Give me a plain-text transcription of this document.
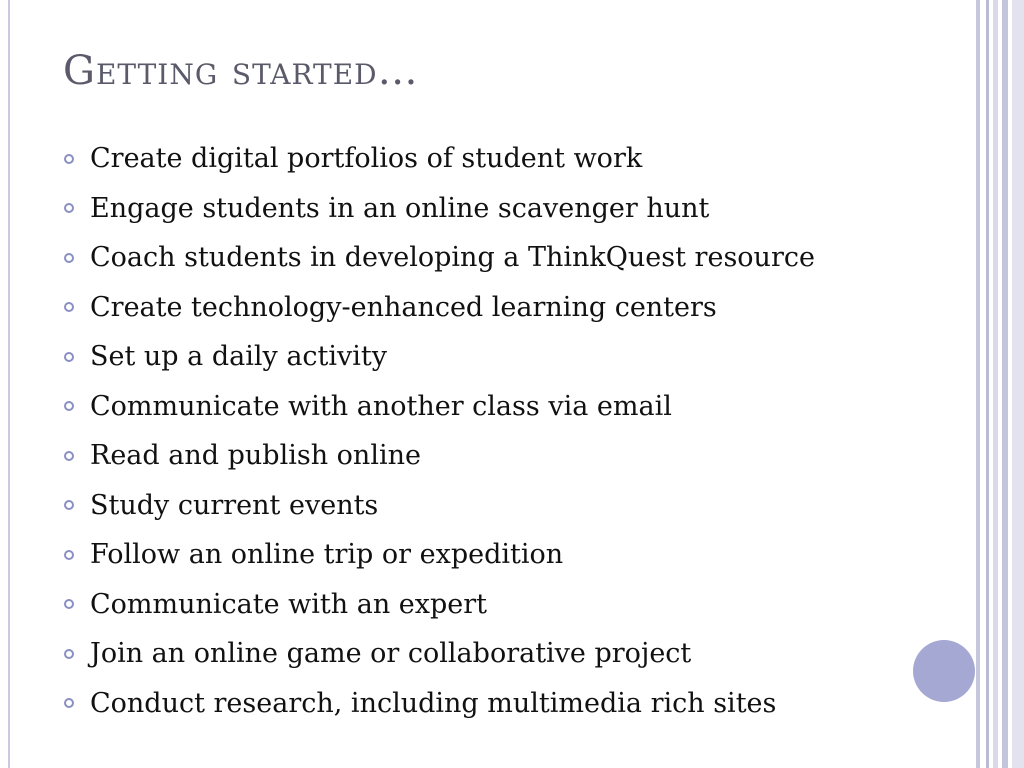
Getting started…
Create digital portfolios of student work
Engage students in an online scavenger hunt
Coach students in developing a ThinkQuest resource
Create technology-enhanced learning centers
Set up a daily activity
Communicate with another class via email
Read and publish online
Study current events
Follow an online trip or expedition
Communicate with an expert
Join an online game or collaborative project
Conduct research, including multimedia rich sites
